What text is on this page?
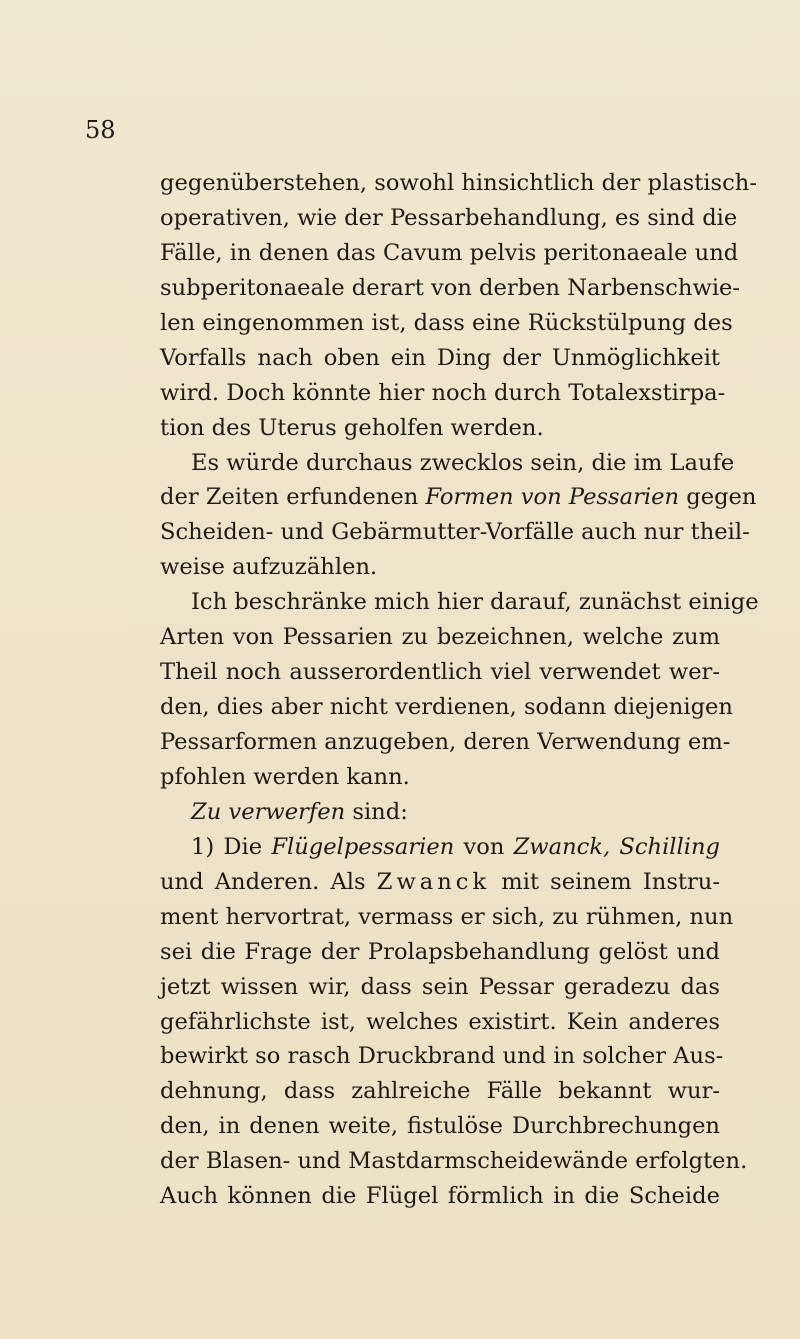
58
gegenüberstehen, sowohl hinsichtlich der plastisch-
operativen, wie der Pessarbehandlung, es sind die
Fälle, in denen das Cavum pelvis peritonaeale und
subperitonaeale derart von derben Narbenschwie-
len eingenommen ist, dass eine Rückstülpung des
Vorfalls nach oben ein Ding der Unmöglichkeit
wird. Doch könnte hier noch durch Totalexstirpa-
tion des Uterus geholfen werden.
Es würde durchaus zwecklos sein, die im Laufe
der Zeiten erfundenen Formen von Pessarien gegen
Scheiden- und Gebärmutter-Vorfälle auch nur theil-
weise aufzuzählen.
Ich beschränke mich hier darauf, zunächst einige
Arten von Pessarien zu bezeichnen, welche zum
Theil noch ausserordentlich viel verwendet wer-
den, dies aber nicht verdienen, sodann diejenigen
Pessarformen anzugeben, deren Verwendung em-
pfohlen werden kann.
Zu verwerfen sind:
1) Die Flügelpessarien von Zwanck, Schilling
und Anderen. Als Zwanck mit seinem Instru-
ment hervortrat, vermass er sich, zu rühmen, nun
sei die Frage der Prolapsbehandlung gelöst und
jetzt wissen wir, dass sein Pessar geradezu das
gefährlichste ist, welches existirt. Kein anderes
bewirkt so rasch Druckbrand und in solcher Aus-
dehnung, dass zahlreiche Fälle bekannt wur-
den, in denen weite, fistulöse Durchbrechungen
der Blasen- und Mastdarmscheidewände erfolgten.
Auch können die Flügel förmlich in die Scheide
